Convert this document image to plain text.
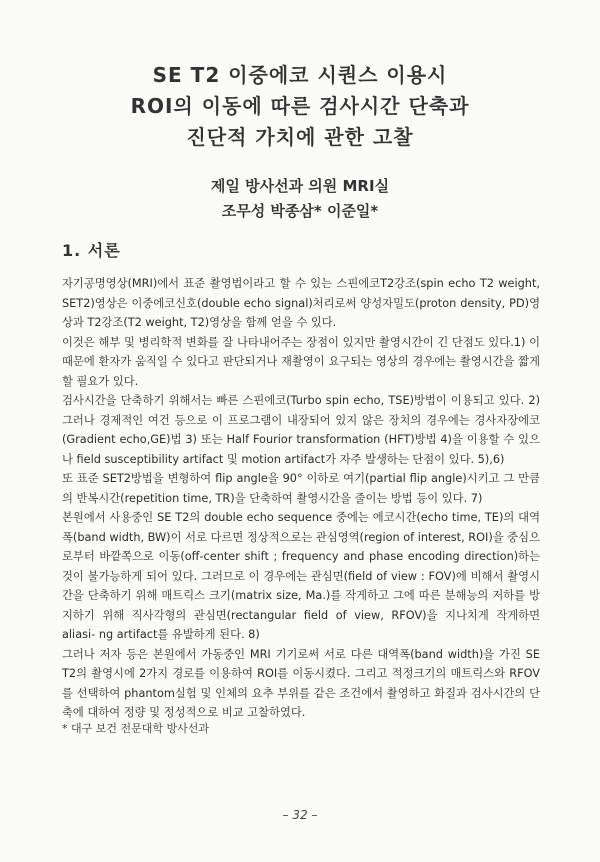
SE T2 이중에코 시퀀스 이용시
ROI의 이동에 따른 검사시간 단축과
진단적 가치에 관한 고찰
제일 방사선과 의원 MRI실
조무성 박종삼* 이준일*
1. 서론

자기공명영상(MRI)에서 표준 촬영법이라고 할 수 있는 스핀에코T2강조(spin echo T2 weight, SET2)영상은 이중에코신호(double echo signal)처리로써 양성자밀도(proton density, PD)영상과 T2강조(T2 weight, T2)영상을 함께 얻을 수 있다.

이것은 해부 및 병리학적 변화를 잘 나타내어주는 장점이 있지만 촬영시간이 긴 단점도 있다.1) 이 때문에 환자가 움직일 수 있다고 판단되거나 재촬영이 요구되는 영상의 경우에는 촬영시간을 짧게 할 필요가 있다.

검사시간을 단축하기 위해서는 빠른 스핀에코(Turbo spin echo, TSE)방법이 이용되고 있다. 2) 그러나 경제적인 여건 등으로 이 프로그램이 내장되어 있지 않은 장치의 경우에는 경사자장에코(Gradient echo,GE)법 3) 또는 Half Fourior transformation (HFT)방법 4)을 이용할 수 있으나 field susceptibility artifact 및 motion artifact가 자주 발생하는 단점이 있다. 5),6)

또 표준 SET2방법을 변형하여 flip angle을 90° 이하로 여기(partial flip angle)시키고 그 만큼의 반복시간(repetition time, TR)을 단축하여 촬영시간을 줄이는 방법 등이 있다. 7)

본원에서 사용중인 SE T2의 double echo sequence 중에는 에코시간(echo time, TE)의 대역폭(band width, BW)이 서로 다르면 정상적으로는 관심영역(region of interest, ROI)을 중심으로부터 바깥쪽으로 이동(off-center shift ; frequency and phase encoding direction)하는 것이 불가능하게 되어 있다. 그러므로 이 경우에는 관심면(field of view : FOV)에 비해서 촬영시간을 단축하기 위해 매트릭스 크기(matrix size, Ma.)를 작게하고 그에 따른 분해능의 저하를 방지하기 위해 직사각형의 관심면(rectangular field of view, RFOV)을 지나치게 작게하면 aliasi- ng artifact를 유발하게 된다. 8)

그러나 저자 등은 본원에서 가동중인 MRI 기기로써 서로 다른 대역폭(band width)을 가진 SE T2의 촬영시에 2가지 경로를 이용하여 ROI를 이동시켰다. 그리고 적정크기의 매트릭스와 RFOV를 선택하여 phantom실험 및 인체의 요추 부위를 같은 조건에서 촬영하고 화질과 검사시간의 단축에 대하여 정량 및 정성적으로 비교 고찰하였다.

* 대구 보건 전문대학 방사선과
– 32 –
